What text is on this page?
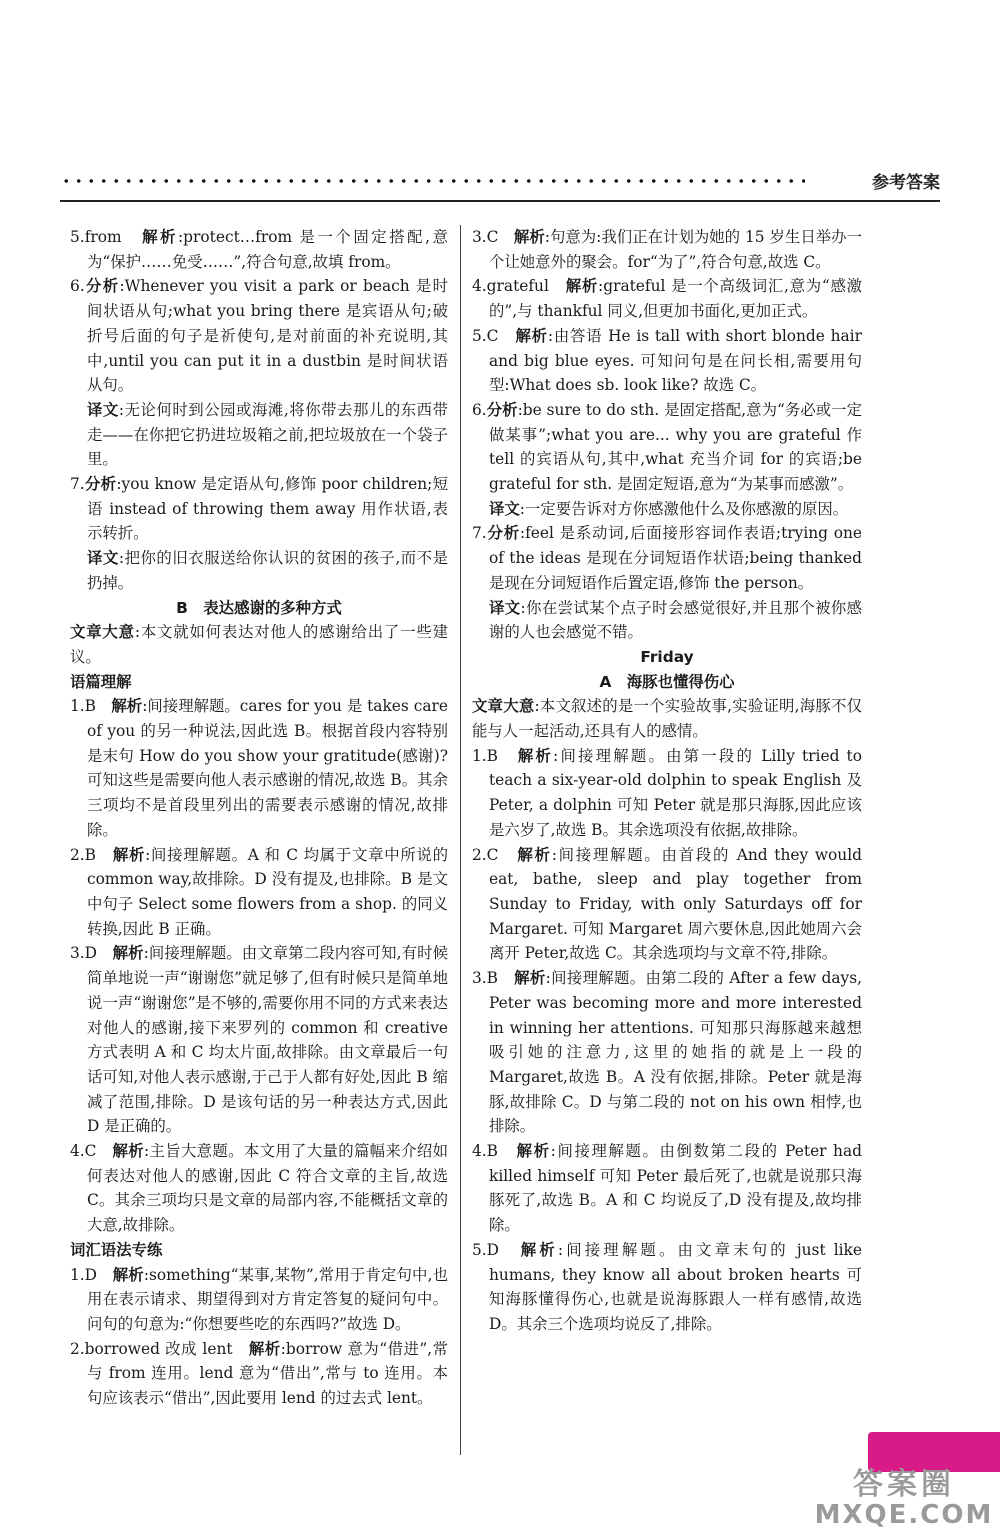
参考答案

5.from　 解析:protect…from 是一个固定搭配,意为“保护……免受……”,符合句意,故填 from。

6.分析:Whenever you visit a park or beach 是时间状语从句;what you bring there 是宾语从句;破折号后面的句子是祈使句,是对前面的补充说明,其中,until you can put it in a dustbin 是时间状语从句。

译文:无论何时到公园或海滩,将你带去那儿的东西带走——在你把它扔进垃圾箱之前,把垃圾放在一个袋子里。

7.分析:you know 是定语从句,修饰 poor children;短语 instead of throwing them away 用作状语,表示转折。

译文:把你的旧衣服送给你认识的贫困的孩子,而不是扔掉。

B　表达感谢的多种方式

文章大意:本文就如何表达对他人的感谢给出了一些建议。

语篇理解

1.B　 解析:间接理解题。cares for you 是 takes care of you 的另一种说法,因此选 B。根据首段内容特别是末句 How do you show your gratitude(感谢)?可知这些是需要向他人表示感谢的情况,故选 B。其余三项均不是首段里列出的需要表示感谢的情况,故排除。

2.B　 解析:间接理解题。A 和 C 均属于文章中所说的 common way,故排除。D 没有提及,也排除。B 是文中句子 Select some flowers from a shop. 的同义转换,因此 B 正确。

3.D　 解析:间接理解题。由文章第二段内容可知,有时候简单地说一声“谢谢您”就足够了,但有时候只是简单地说一声“谢谢您”是不够的,需要你用不同的方式来表达对他人的感谢,接下来罗列的 common 和 creative 方式表明 A 和 C 均太片面,故排除。由文章最后一句话可知,对他人表示感谢,于己于人都有好处,因此 B 缩减了范围,排除。D 是该句话的另一种表达方式,因此 D 是正确的。

4.C　 解析:主旨大意题。本文用了大量的篇幅来介绍如何表达对他人的感谢,因此 C 符合文章的主旨,故选 C。其余三项均只是文章的局部内容,不能概括文章的大意,故排除。

词汇语法专练

1.D　 解析:something“某事,某物”,常用于肯定句中,也用在表示请求、期望得到对方肯定答复的疑问句中。问句的句意为:“你想要些吃的东西吗?”故选 D。

2.borrowed 改成 lent　 解析:borrow 意为“借进”,常与 from 连用。lend 意为“借出”,常与 to 连用。本句应该表示“借出”,因此要用 lend 的过去式 lent。

3.C　 解析:句意为:我们正在计划为她的 15 岁生日举办一个让她意外的聚会。for“为了”,符合句意,故选 C。

4.grateful　 解析:grateful 是一个高级词汇,意为“感激的”,与 thankful 同义,但更加书面化,更加正式。

5.C　 解析:由答语 He is tall with short blonde hair and big blue eyes. 可知问句是在问长相,需要用句型:What does sb. look like? 故选 C。

6.分析:be sure to do sth. 是固定搭配,意为“务必或一定做某事”;what you are... why you are grateful 作 tell 的宾语从句,其中,what 充当介词 for 的宾语;be grateful for sth. 是固定短语,意为“为某事而感激”。

译文:一定要告诉对方你感激他什么及你感激的原因。

7.分析:feel 是系动词,后面接形容词作表语;trying one of the ideas 是现在分词短语作状语;being thanked 是现在分词短语作后置定语,修饰 the person。

译文:你在尝试某个点子时会感觉很好,并且那个被你感谢的人也会感觉不错。

Friday

A　海豚也懂得伤心

文章大意:本文叙述的是一个实验故事,实验证明,海豚不仅能与人一起活动,还具有人的感情。

1.B　 解析:间接理解题。由第一段的 Lilly tried to teach a six-year-old dolphin to speak English 及 Peter, a dolphin 可知 Peter 就是那只海豚,因此应该是六岁了,故选 B。其余选项没有依据,故排除。

2.C　 解析:间接理解题。由首段的 And they would eat, bathe, sleep and play together from Sunday to Friday, with only Saturdays off for Margaret. 可知 Margaret 周六要休息,因此她周六会离开 Peter,故选 C。其余选项均与文章不符,排除。

3.B　 解析:间接理解题。由第二段的 After a few days, Peter was becoming more and more interested in winning her attentions. 可知那只海豚越来越想吸引她的注意力,这里的她指的就是上一段的 Margaret,故选 B。A 没有依据,排除。Peter 就是海豚,故排除 C。D 与第二段的 not on his own 相悖,也排除。

4.B　 解析:间接理解题。由倒数第二段的 Peter had killed himself 可知 Peter 最后死了,也就是说那只海豚死了,故选 B。A 和 C 均说反了,D 没有提及,故均排除。

5.D　 解析:间接理解题。由文章末句的 just like humans, they know all about broken hearts 可知海豚懂得伤心,也就是说海豚跟人一样有感情,故选 D。其余三个选项均说反了,排除。

答案圈
MXQE.COM
